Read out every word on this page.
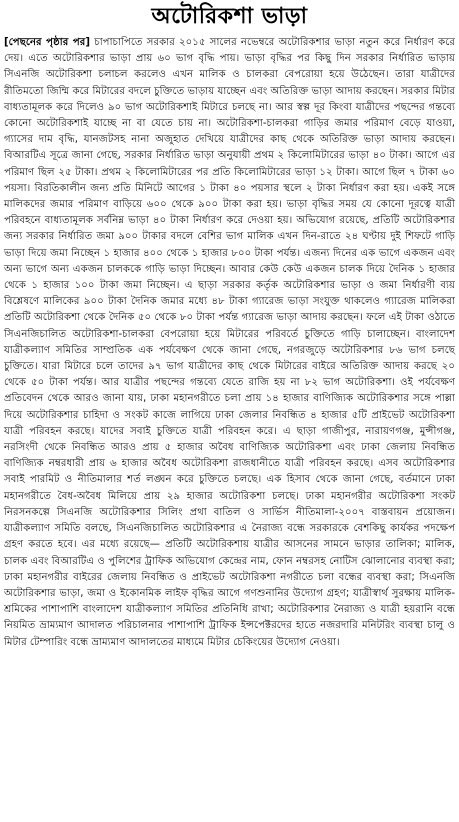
অটোরিকশা ভাড়া

[পেছনের পৃষ্ঠার পর] চাপাচাপিতে সরকার ২০১৫ সালের নভেম্বরে অটোরিকশার ভাড়া নতুন করে নির্ধারণ করে দেয়। এতে অটোরিকশার ভাড়া প্রায় ৬০ ভাগ বৃদ্ধি পায়। ভাড়া বৃদ্ধির পর কিছু দিন সরকার নির্ধারিত ভাড়ায় সিএনজি অটোরিকশা চলাচল করলেও এখন মালিক ও চালকরা বেপরোয়া হয়ে উঠেছেন। তারা যাত্রীদের রীতিমতো জিম্মি করে মিটারের বদলে চুক্তিতে ভাড়ায় যাচ্ছেন এবং অতিরিক্ত ভাড়া আদায় করছেন। সরকার মিটার বাধ্যতামূলক করে দিলেও ৯০ ভাগ অটোরিকশাই মিটারে চলছে না। আর স্বল্প দূর কিংবা যাত্রীদের পছন্দের গন্তব্যে কোনো অটোরিকশাই যাচ্ছে না বা যেতে চায় না। অটোরিকশা-চালকরা গাড়ির জমার পরিমাণ বেড়ে যাওয়া, গ্যাসের দাম বৃদ্ধি, যানজটসহ নানা অজুহাত দেখিয়ে যাত্রীদের কাছ থেকে অতিরিক্ত ভাড়া আদায় করছেন। বিআরটিএ সূত্রে জানা গেছে, সরকার নির্ধারিত ভাড়া অনুযায়ী প্রথম ২ কিলোমিটারের ভাড়া ৪০ টাকা। আগে এর পরিমাণ ছিল ২৫ টাকা। প্রথম ২ কিলোমিটারের পর প্রতি কিলোমিটারের ভাড়া ১২ টাকা। আগে ছিল ৭ টাকা ৬০ পয়সা। বিরতিকালীন জন্য প্রতি মিনিটে আগের ১ টাকা ৪০ পয়সার স্থলে ২ টাকা নির্ধারণ করা হয়। একই সঙ্গে মালিকদের জমার পরিমাণ বাড়িয়ে ৬০০ থেকে ৯০০ টাকা করা হয়। ভাড়া বৃদ্ধির সময় যে কোনো দূরত্বে যাত্রী পরিবহনে বাধ্যতামূলক সর্বনিম্ন ভাড়া ৪০ টাকা নির্ধারণ করে দেওয়া হয়। অভিযোগ রয়েছে, প্রতিটি অটোরিকশার জন্য সরকার নির্ধারিত জমা ৯০০ টাকার বদলে বেশির ভাগ মালিক এখন দিন-রাতে ২৪ ঘণ্টায় দুই শিফটে গাড়ি ভাড়া দিয়ে জমা নিচ্ছেন ১ হাজার ৪০০ থেকে ১ হাজার ৮০০ টাকা পর্যন্ত। এজন্য দিনের এক ভাগে একজন এবং অন্য ভাগে অন্য একজন চালককে গাড়ি ভাড়া দিচ্ছেন। আবার কেউ কেউ একজন চালক দিয়ে দৈনিক ১ হাজার থেকে ১ হাজার ১০০ টাকা জমা নিচ্ছেন। এ ছাড়া সরকার কর্তৃক অটোরিকশার ভাড়া ও জমা নির্ধারণী ব্যয় বিশ্লেষণে মালিকের ৯০০ টাকা দৈনিক জমার মধ্যে ৪৮ টাকা গ্যারেজ ভাড়া সংযুক্ত থাকলেও গ্যারেজ মালিকরা প্রতিটি অটোরিকশা থেকে দৈনিক ৫০ থেকে ৮০ টাকা পর্যন্ত গ্যারেজ ভাড়া আদায় করছেন। ফলে এই টাকা ওঠাতে সিএনজিচালিত অটোরিকশা-চালকরা বেপরোয়া হয়ে মিটারের পরিবর্তে চুক্তিতে গাড়ি চালাচ্ছেন। বাংলাদেশ যাত্রীকল্যাণ সমিতির সাম্প্রতিক এক পর্যবেক্ষণ থেকে জানা গেছে, নগরজুড়ে অটোরিকশার ৮৬ ভাগ চলছে চুক্তিতে। যারা মিটারে চলে তাদের ৯৭ ভাগ যাত্রীদের কাছ থেকে মিটারের বাইরে অতিরিক্ত আদায় করছে ২০ থেকে ৫০ টাকা পর্যন্ত। আর যাত্রীর পছন্দের গন্তব্যে যেতে রাজি হয় না ৮২ ভাগ অটোরিকশা। ওই পর্যবেক্ষণ প্রতিবেদন থেকে আরও জানা যায়, ঢাকা মহানগরীতে চলা প্রায় ১৪ হাজার বাণিজ্যিক অটোরিকশার সঙ্গে পাল্লা দিয়ে অটোরিকশার চাহিদা ও সংকট কাজে লাগিয়ে ঢাকা জেলার নিবন্ধিত ৪ হাজার ৫টি প্রাইভেট অটোরিকশা যাত্রী পরিবহন করছে। যাদের সবাই চুক্তিতে যাত্রী পরিবহন করে। এ ছাড়া গাজীপুর, নারায়ণগঞ্জ, মুন্সীগঞ্জ, নরসিংদী থেকে নিবন্ধিত আরও প্রায় ৫ হাজার অবৈধ বাণিজ্যিক অটোরিকশা এবং ঢাকা জেলায় নিবন্ধিত বাণিজ্যিক নম্বরধারী প্রায় ৬ হাজার অবৈধ অটোরিকশা রাজধানীতে যাত্রী পরিবহন করছে। এসব অটোরিকশার সবাই পারমিট ও নীতিমালার শর্ত লঙ্ঘন করে চুক্তিতে চলছে। এক হিসাব থেকে জানা গেছে, বর্তমানে ঢাকা মহানগরীতে বৈধ-অবৈধ মিলিয়ে প্রায় ২৯ হাজার অটোরিকশা চলছে। ঢাকা মহানগরীর অটোরিকশা সংকট নিরসনকল্পে সিএনজি অটোরিকশার সিলিং প্রথা বাতিল ও সার্ভিস নীতিমালা-২০০৭ বাস্তবায়ন প্রয়োজন। যাত্রীকল্যাণ সমিতি বলছে, সিএনজিচালিত অটোরিকশার এ নৈরাজ্য বন্ধে সরকারকে বেশকিছু কার্যকর পদক্ষেপ গ্রহণ করতে হবে। এর মধ্যে রয়েছে— প্রতিটি অটোরিকশায় যাত্রীর আসনের সামনে ভাড়ার তালিকা; মালিক, চালক এবং বিআরটিএ ও পুলিশের ট্রাফিক অভিযোগ কেন্দ্রের নাম, ফোন নম্বরসহ নোটিস ঝোলানোর ব্যবস্থা করা; ঢাকা মহানগরীর বাইরের জেলায় নিবন্ধিত ও প্রাইভেট অটোরিকশা নগরীতে চলা বন্ধের ব্যবস্থা করা; সিএনজি অটোরিকশার ভাড়া, জমা ও ইকোনমিক লাইফ বৃদ্ধির আগে গণশুনানির উদ্যোগ গ্রহণ; যাত্রীস্বার্থ সুরক্ষায় মালিক-শ্রমিকের পাশাপাশি বাংলাদেশ যাত্রীকল্যাণ সমিতির প্রতিনিধি রাখা; অটোরিকশার নৈরাজ্য ও যাত্রী হয়রানি বন্ধে নিয়মিত ভ্রাম্যমাণ আদালত পরিচালনার পাশাপাশি ট্রাফিক ইন্সপেক্টরদের হাতে নজরদারি মনিটরিং ব্যবস্থা চালু ও মিটার টেম্পারিং বন্ধে ভ্রাম্যমাণ আদালতের মাধ্যমে মিটার চেকিংয়ের উদ্যোগ নেওয়া।
